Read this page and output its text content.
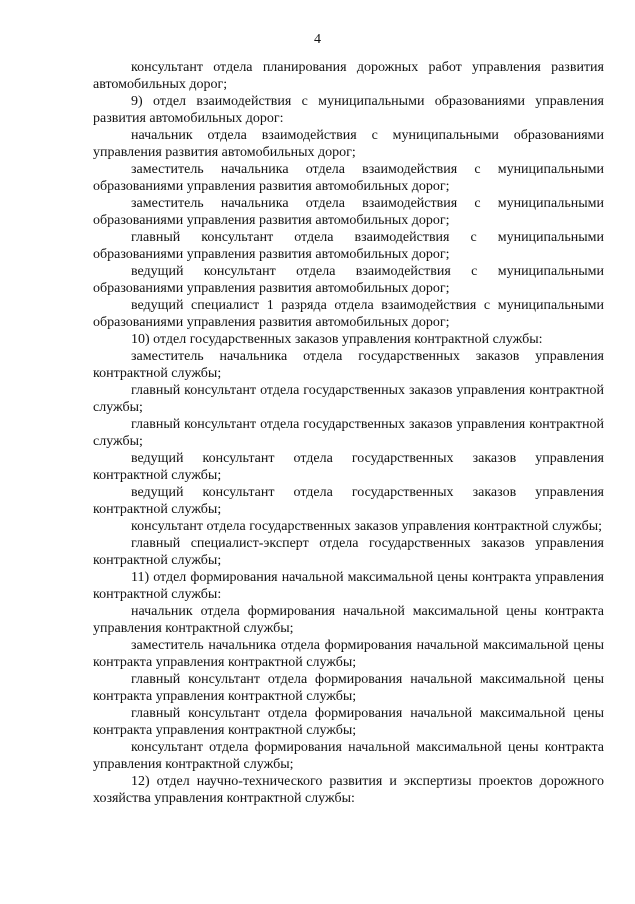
4

консультант отдела планирования дорожных работ управления развития автомобильных дорог;

9) отдел взаимодействия с муниципальными образованиями управления развития автомобильных дорог:

начальник отдела взаимодействия с муниципальными образованиями управления развития автомобильных дорог;

заместитель начальника отдела взаимодействия с муниципальными образованиями управления развития автомобильных дорог;

заместитель начальника отдела взаимодействия с муниципальными образованиями управления развития автомобильных дорог;

главный консультант отдела взаимодействия с муниципальными образованиями управления развития автомобильных дорог;

ведущий консультант отдела взаимодействия с муниципальными образованиями управления развития автомобильных дорог;

ведущий специалист 1 разряда отдела взаимодействия с муниципальными образованиями управления развития автомобильных дорог;

10) отдел государственных заказов управления контрактной службы:

заместитель начальника отдела государственных заказов управления контрактной службы;

главный консультант отдела государственных заказов управления контрактной службы;

главный консультант отдела государственных заказов управления контрактной службы;

ведущий консультант отдела государственных заказов управления контрактной службы;

ведущий консультант отдела государственных заказов управления контрактной службы;

консультант отдела государственных заказов управления контрактной службы;

главный специалист-эксперт отдела государственных заказов управления контрактной службы;

11) отдел формирования начальной максимальной цены контракта управления контрактной службы:

начальник отдела формирования начальной максимальной цены контракта управления контрактной службы;

заместитель начальника отдела формирования начальной максимальной цены контракта управления контрактной службы;

главный консультант отдела формирования начальной максимальной цены контракта управления контрактной службы;

главный консультант отдела формирования начальной максимальной цены контракта управления контрактной службы;

консультант отдела формирования начальной максимальной цены контракта управления контрактной службы;

12) отдел научно-технического развития и экспертизы проектов дорожного хозяйства управления контрактной службы:
